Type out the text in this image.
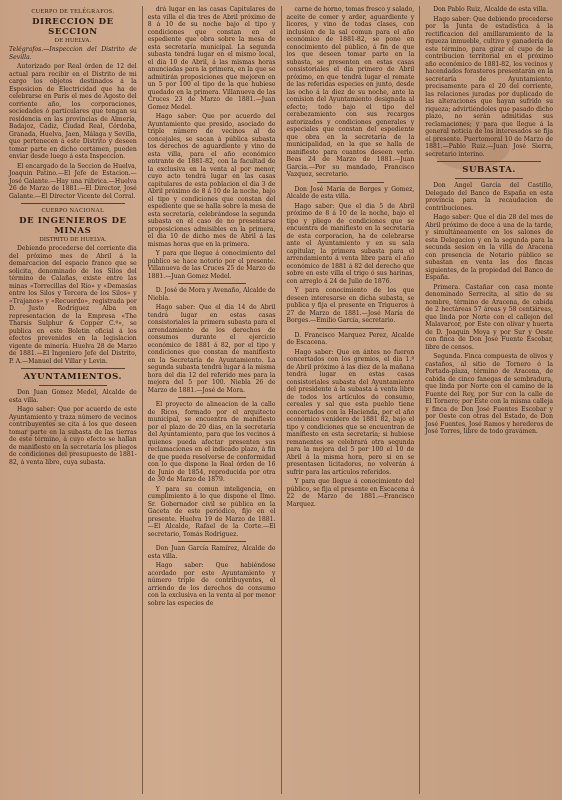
CUERPO DE TELÉGRAFOS.
DIRECCION DE SECCION
DE HUELVA.

Telégrafos.—Inspeccion del Distrito de Sevilla.

Autorizado por Real órden de 12 del actual para recibir en el Distrito de mi cargo los objetos destinados á la Esposicion de Electricidad que ha de celebrarse en París el mes de Agosto del corriente año, los corporaciones, sociedades ó particulares que tengan su residencia en las provincias de Almería, Badajoz, Cádiz, Ciudad Real, Córdoba, Granada, Huelva, Jaen, Málaga y Sevilla, que pertenecen á este Distrito y deseen tomar parte en dicho certámen, pueden enviar desde luego á esta Inspeccion.

El encargado de la Seccion de Huelva, Joaquin Patino.—El Jefe de Estacion.—José Galante.—Hay una rúbrica.—Huelva 26 de Marzo de 1881.—El Director, José Galante.—El Director Vicente del Corral.

CUERPO NACIONAL
DE INGENIEROS DE MINAS
DISTRITO DE HUELVA.

Debiendo procederse del corriente dia del próximo mes de Abril á la demarcacion del espacio franco que se solicita, denominado de los Silos del término de Calañas, existe entre las minas «Torrecillas del Río» y «Demasías entre los Silos y Tercera de los Silos» y «Trajanos» y «Recuerdo», registrada por D. Justo Rodríguez Alba en representacion de la Empresa «The Tharsis Sulphur & Copper C.º», se publica en este Boletin oficial á los efectos prevenidos en la legislacion vigente de minería. Huelva 28 de Marzo de 1881.—El Ingeniero Jefe del Distrito, P. A.—Manuel del Villar y Levin.

AYUNTAMIENTOS.

Don Juan Gomez Medel, Alcalde de esta villa.

Hago saber: Que por acuerdo de este Ayuntamiento y traza número de vecinos contribuyentes se cita á los que deseen tomar parte en la subasta de las tierras de este término, á cuyo efecto se hallan de manifiesto en la secretaría los pliegos de condiciones del presupuesto de 1881-82, á venta libre, cuya subasta.

drá lugar en las casas Capitulares de esta villa el dia tres de Abril próximo de 8 á 10 de su noche bajo el tipo y condiciones que constan en el espediente que obra sobre la mesa de esta secretaría municipal. La segunda subasta tendrá lugar en el mismo local, el dia 10 de Abril, á las mismas horas anunciadas para la primera, en la que se admitirán proposiciones que mejoren en un 5 por 100 el tipo de la que hubiese quedado en la primera. Villanueva de las Cruces 23 de Marzo de 1881.—Juan Gomez Medel.

Hago saber: Que por acuerdo del Ayuntamiento que presido, asociado de triple número de vecinos al de concejales, se sacan á pública subasta los derechos de aguardiente y vino de esta villa, para el año económico entrante de 1881-82, con la facultad de la exclusiva en la venta al por menor, cuyo acto tendrá lugar en las casas capitulares de esta poblacion el dia 3 de Abril próximo de 8 á 10 de la noche, bajo el tipo y condiciones que constan del espediente que se halla sobre la mesa de esta secretaría, celebrándose la segunda subasta en el caso de no presentarse proposiciones admisibles en la primera, el dia 10 de dicho mes de Abril á las mismas horas que en la primera.

Y para que llegue á conocimiento del público se hace notorio por el presente. Villanueva de las Cruces 25 de Marzo de 1881.—Juan Gomez Medel.

D. José de Mora y Avenaño, Alcalde de Niebla.

Hago saber: Que el dia 14 de Abril tendrá lugar en estas casas consistoriales la primera subasta para el arrendamiento de los derechos de consumos durante el ejercicio económico de 1881 á 82, por el tipo y condiciones que constan de manifiesto en la Secretaría de Ayuntamiento. La segunda subasta tendrá lugar á la misma hora del dia 12 del referido mes para la mejora del 5 por 100. Niebla 26 de Marzo de 1881.—José de Mora.

El proyecto de alineacion de la calle de Ricos, formado por el arquitecto municipal, se encuentra de manifiesto por el plazo de 20 dias, en la secretaría del Ayuntamiento, para que los vecinos á quienes pueda afectar presenten sus reclamaciones en el indicado plazo, á fin de que pueda resolverse de conformidad con lo que dispone la Real órden de 16 de Junio de 1854, reproducida por otra de 30 de Marzo de 1879.

Y para su comun inteligencia, en cumplimiento á lo que dispone el Ilmo. Sr. Gobernador civil se pública en la Gaceta de este periódico, fijo en el presente. Huelva 19 de Marzo de 1881.—El Alcalde, Rafael de la Corte.—El secretario, Tomás Rodriguez.

Don Juan García Ramírez, Alcalde de esta villa.

Hago saber: Que habiéndose acordado por este Ayuntamiento y número triple de contribuyentes, el arriendo de los derechos de consumo con la exclusiva en la venta al por menor sobre las especies de

carne de horno, tomas fresco y salado, aceite de comer y arder, aguardiente y licores, y vino de todas clases, con inclusion de la sal comun para el año económico de 1881-82, se pone en conocimiento del público, á fin de que los que deseen tomar parte en la subasta, se presenten en estas casas consistoriales el dia primero de Abril próximo, en que tendrá lugar el remate de las referidas especies en junto, desde las ocho á la diez de su noche, ante la comision del Ayuntamiento designada al efecto; todo bajo el tipo del cerabezamiento con sus recargos autorizados y condiciones generales y especiales que constan del espediente que obra en la secretaría de la municipalidad, en la que se halla de manifiesto para cuantos deseen verlo. Beas 24 de Marzo de 1881.—Juan Garcia.—Por su mandado, Francisco Vazquez, secretario.

Don José María de Borges y Gomez, Alcalde de esta villa.

Hago saber: Que el dia 5 de Abril próximo de 8 á 10 de la noche, bajo el tipo y pliego de condiciones que se encuentra de manifiesto en la secretaría de esta corporacion, ha de celebrarse ante el Ayuntamiento y en su sala capitular, la primera subasta para el arrendamiento á venta libre para el año económico de 1881 á 82 del derecho que sobre en este villa el trigo ó sus harinas, con arreglo á 24 de Julio de 1876.

Y para conocimiento de los que deseen interesarse en dicha subasta, se publica y fija el presente en Trigueros á 27 de Marzo de 1881.—José María de Borges.—Emilio García, secretario.

D. Francisco Marquez Perez, Alcalde de Escacena.

Hago saber: Que en ántes no fueron concertados con los gremios, el dia 1.º de Abril próximo á las diez de la mañana tendrá lugar en estas casas consistoriales subasta del Ayuntamiento del presidente á la subasta á venta libre de todos los artículos de consumo, cereales y sal que esta pueblo tiene concertados con la Hacienda, por el año económico venidero de 1881 82, bajo el tipo y condiciones que se encuentran de manifiesto en esta secretaría; si hubiese remanentes se celebrará otra segunda para la mejora del 5 por 100 el 10 de Abril á la misma hora, pero si en se presentasen licitadores, no volverán á sufrir para las artículos referidos.

Y para que llegue á conocimiento del público, se fija el presente en Escacena á 22 de Marzo de 1881.—Francisco Marquez.

Don Pablo Ruiz, Alcalde de esta villa.

Hago saber: Que debiendo procederse por la Junta de estadística á la rectificacion del amillaramiento de la riqueza inmueble, cultivo y ganadería de este término, para girar el cupo de la contribucion territorial en el próximo año económico de 1881-82, los vecinos y hacendados forasteros presentarán en la secretaría de Ayuntamiento, precisamente para el 20 del corriente, las relaciones juradas por duplicado de las alteraciones que hayan sufrido su riqueza; advirtiéndoles que pasado dicho plazo, no serán admitidas sus reclamaciones; y para que llegue á la general noticia de los interesados se fija el presente. Puertomoral 10 de Marzo de 1881.—Pablo Ruiz.—Juan José Sierra, secretario interino.

SUBASTA.

Don Angel García del Castillo, Delegado del Banco de España en esta provincia para la recaudacion de contribuciones.

Hago saber: Que el dia 28 del mes de Abril próximo de doce á una de la tarde, y simultáneamente en los salones de esta Delegacion y en la segunda para la secunda sesion en la villa de Aracena con presencia de Notario público se subastan en venta las dos fincas siguientes, de la propiedad del Banco de España.

Primera. Castañar con casa monte denominado Serrecita, al sitio de su nombre, término de Aracena, de cabida de 2 hectáreas 57 áreas y 58 centiáreas, que linda por Norte con el callejon del Malavarcor, por Este con olivar y huerta de D. Joaquin Moya y por Sur y Oeste con finca de Don José Fuente Escobar, libre de censos.

Segunda. Finca compuesta de olivos y castaños, al sitio de Tornero ó la Portada-plaza, término de Aracena, de cabida de cinco fanegas de sembradura, que linda por Norte con el camino de la Fuente del Rey, por Sur con la calle de El Tornero; por Este con la misma calleja y finca de Don José Fuentes Escobar y por Oeste con otras del Estado, de Don José Fuentes, José Ramos y herederos de José Torres, libre de todo gravámen.
